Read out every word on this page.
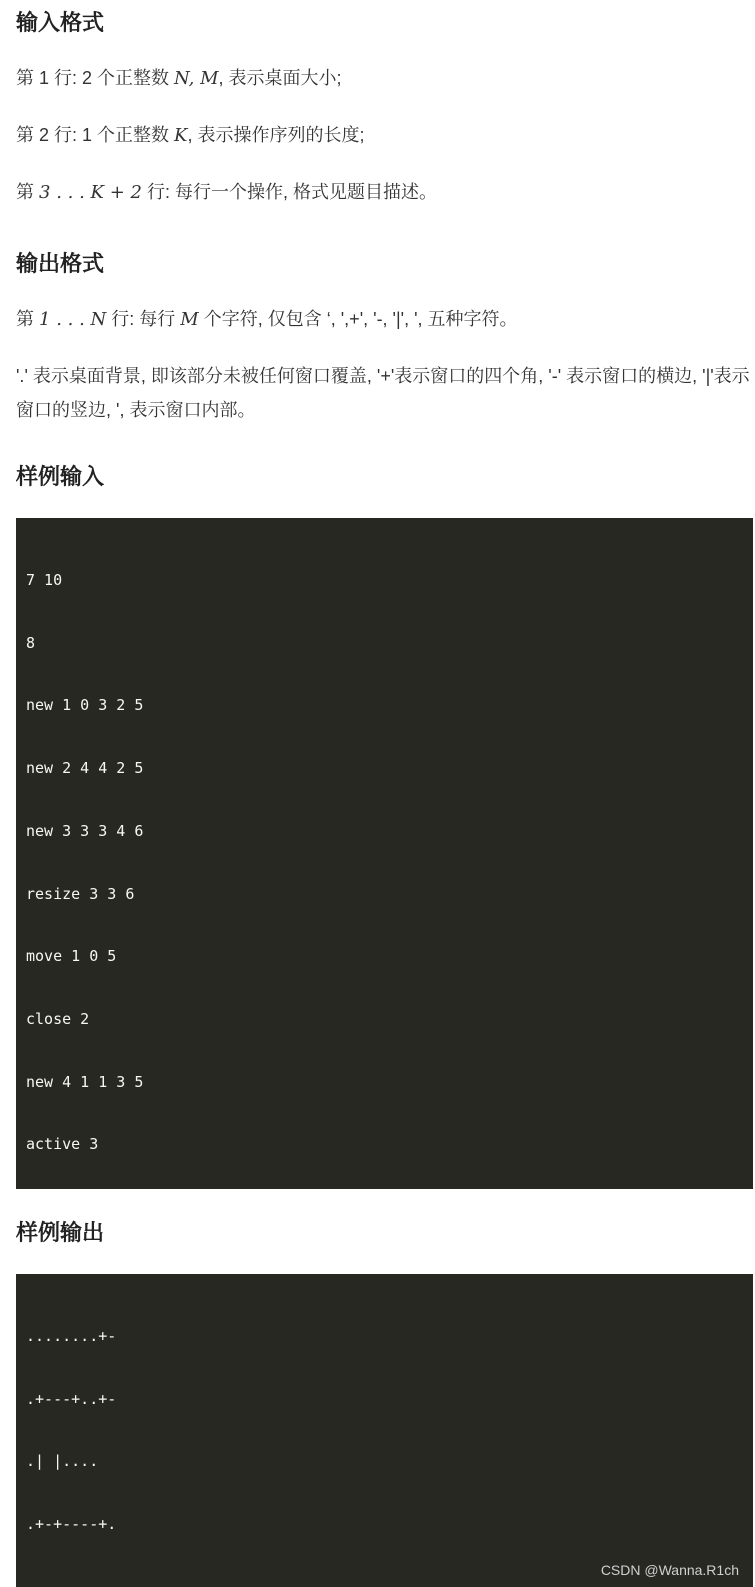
输入格式

第 1 行: 2 个正整数 N, M, 表示桌面大小;

第 2 行: 1 个正整数 K, 表示操作序列的长度;

第 3 . . . K + 2 行: 每行一个操作, 格式见题目描述。

输出格式

第 1 . . . N 行: 每行 M 个字符, 仅包含 ‘, ',+', '-, '|', ', 五种字符。

'.' 表示桌面背景, 即该部分未被任何窗口覆盖, '+'表示窗口的四个角, '-' 表示窗口的横边, '|'表示窗口的竖边, ', 表示窗口内部。

样例输入

7 10

8

new 1 0 3 2 5

new 2 4 4 2 5

new 3 3 3 4 6

resize 3 3 6

move 1 0 5

close 2

new 4 1 1 3 5

active 3

样例输出

........+-

.+---+..+-

.| |....

.+-+----+.

CSDN @Wanna.R1ch
